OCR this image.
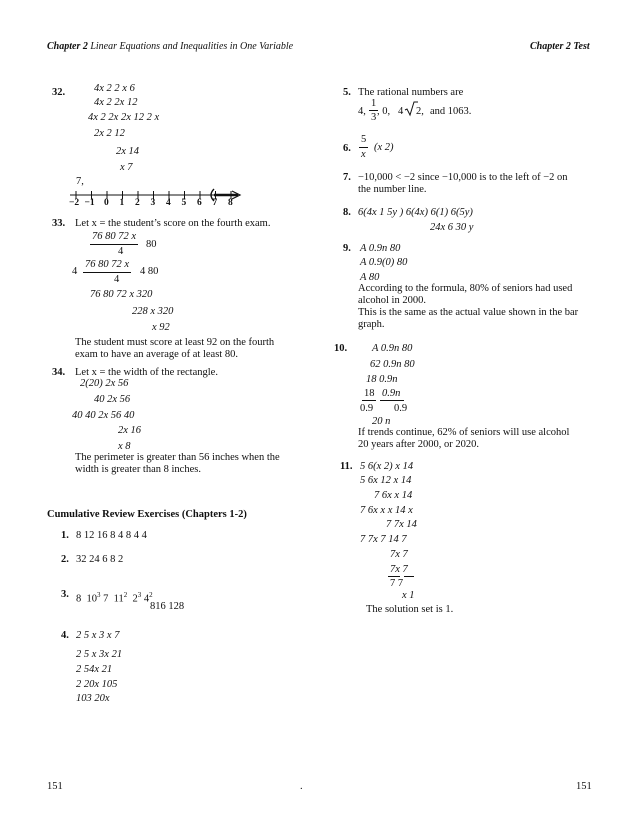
Chapter 2 Linear Equations and Inequalities in One Variable	Chapter 2 Test
32.	4x 2 2 x 6
4x 2 2x 12
4x 2 2x 2x 12 2 x
2x 2 12
2x 14
x 7
7,
−2 −1 0 1 2 3 4 5 6 7 8
33. Let x = the student’s score on the fourth exam.
76 80 72 x
4
80
4
76 80 72 x
4
4 80
76 80 72 x 320
228 x 320
x 92
The student must score at least 92 on the fourth
exam to have an average of at least 80.
34. Let x = the width of the rectangle.
2(20) 2x 56
40 2x 56
40 40 2x 56 40
2x 16
x 8
The perimeter is greater than 56 inches when the
width is greater than 8 inches.
Cumulative Review Exercises (Chapters 1-2)
1. 8 12 16 8 4 8 4 4
2. 32 24 6 8 2
3. 8  $10^3$ 7  $11^2$  $2^3$ $4^2$
816 128
4. 2 5 x 3 x 7
2 5 x 3x 21
2 54x 21
2 20x 105
103 20x
5. The rational numbers are
4,
1
3
, 0, 4 2, and 1063.
6.
5
x
(x 2)
7. −10,000 < −2 since −10,000 is to the left of −2 on
the number line.
8. 6(4x 1 5y ) 6(4x) 6(1) 6(5y)
24x 6 30 y
9. A 0.9n 80
A 0.9(0) 80
A 80
According to the formula, 80% of seniors had used
alcohol in 2000.
This is the same as the actual value shown in the bar
graph.
10. A 0.9n 80
62 0.9n 80
18 0.9n
18 0.9n
0.9 0.9
20 n
If trends continue, 62% of seniors will use alcohol
20 years after 2000, or 2020.
11. 5 6(x 2) x 14
5 6x 12 x 14
7 6x x 14
7 6x x x 14 x
7 7x 14
7 7x 7 14 7
7x 7
7x 7
7 7
x 1
The solution set is 1.
151	.	151
